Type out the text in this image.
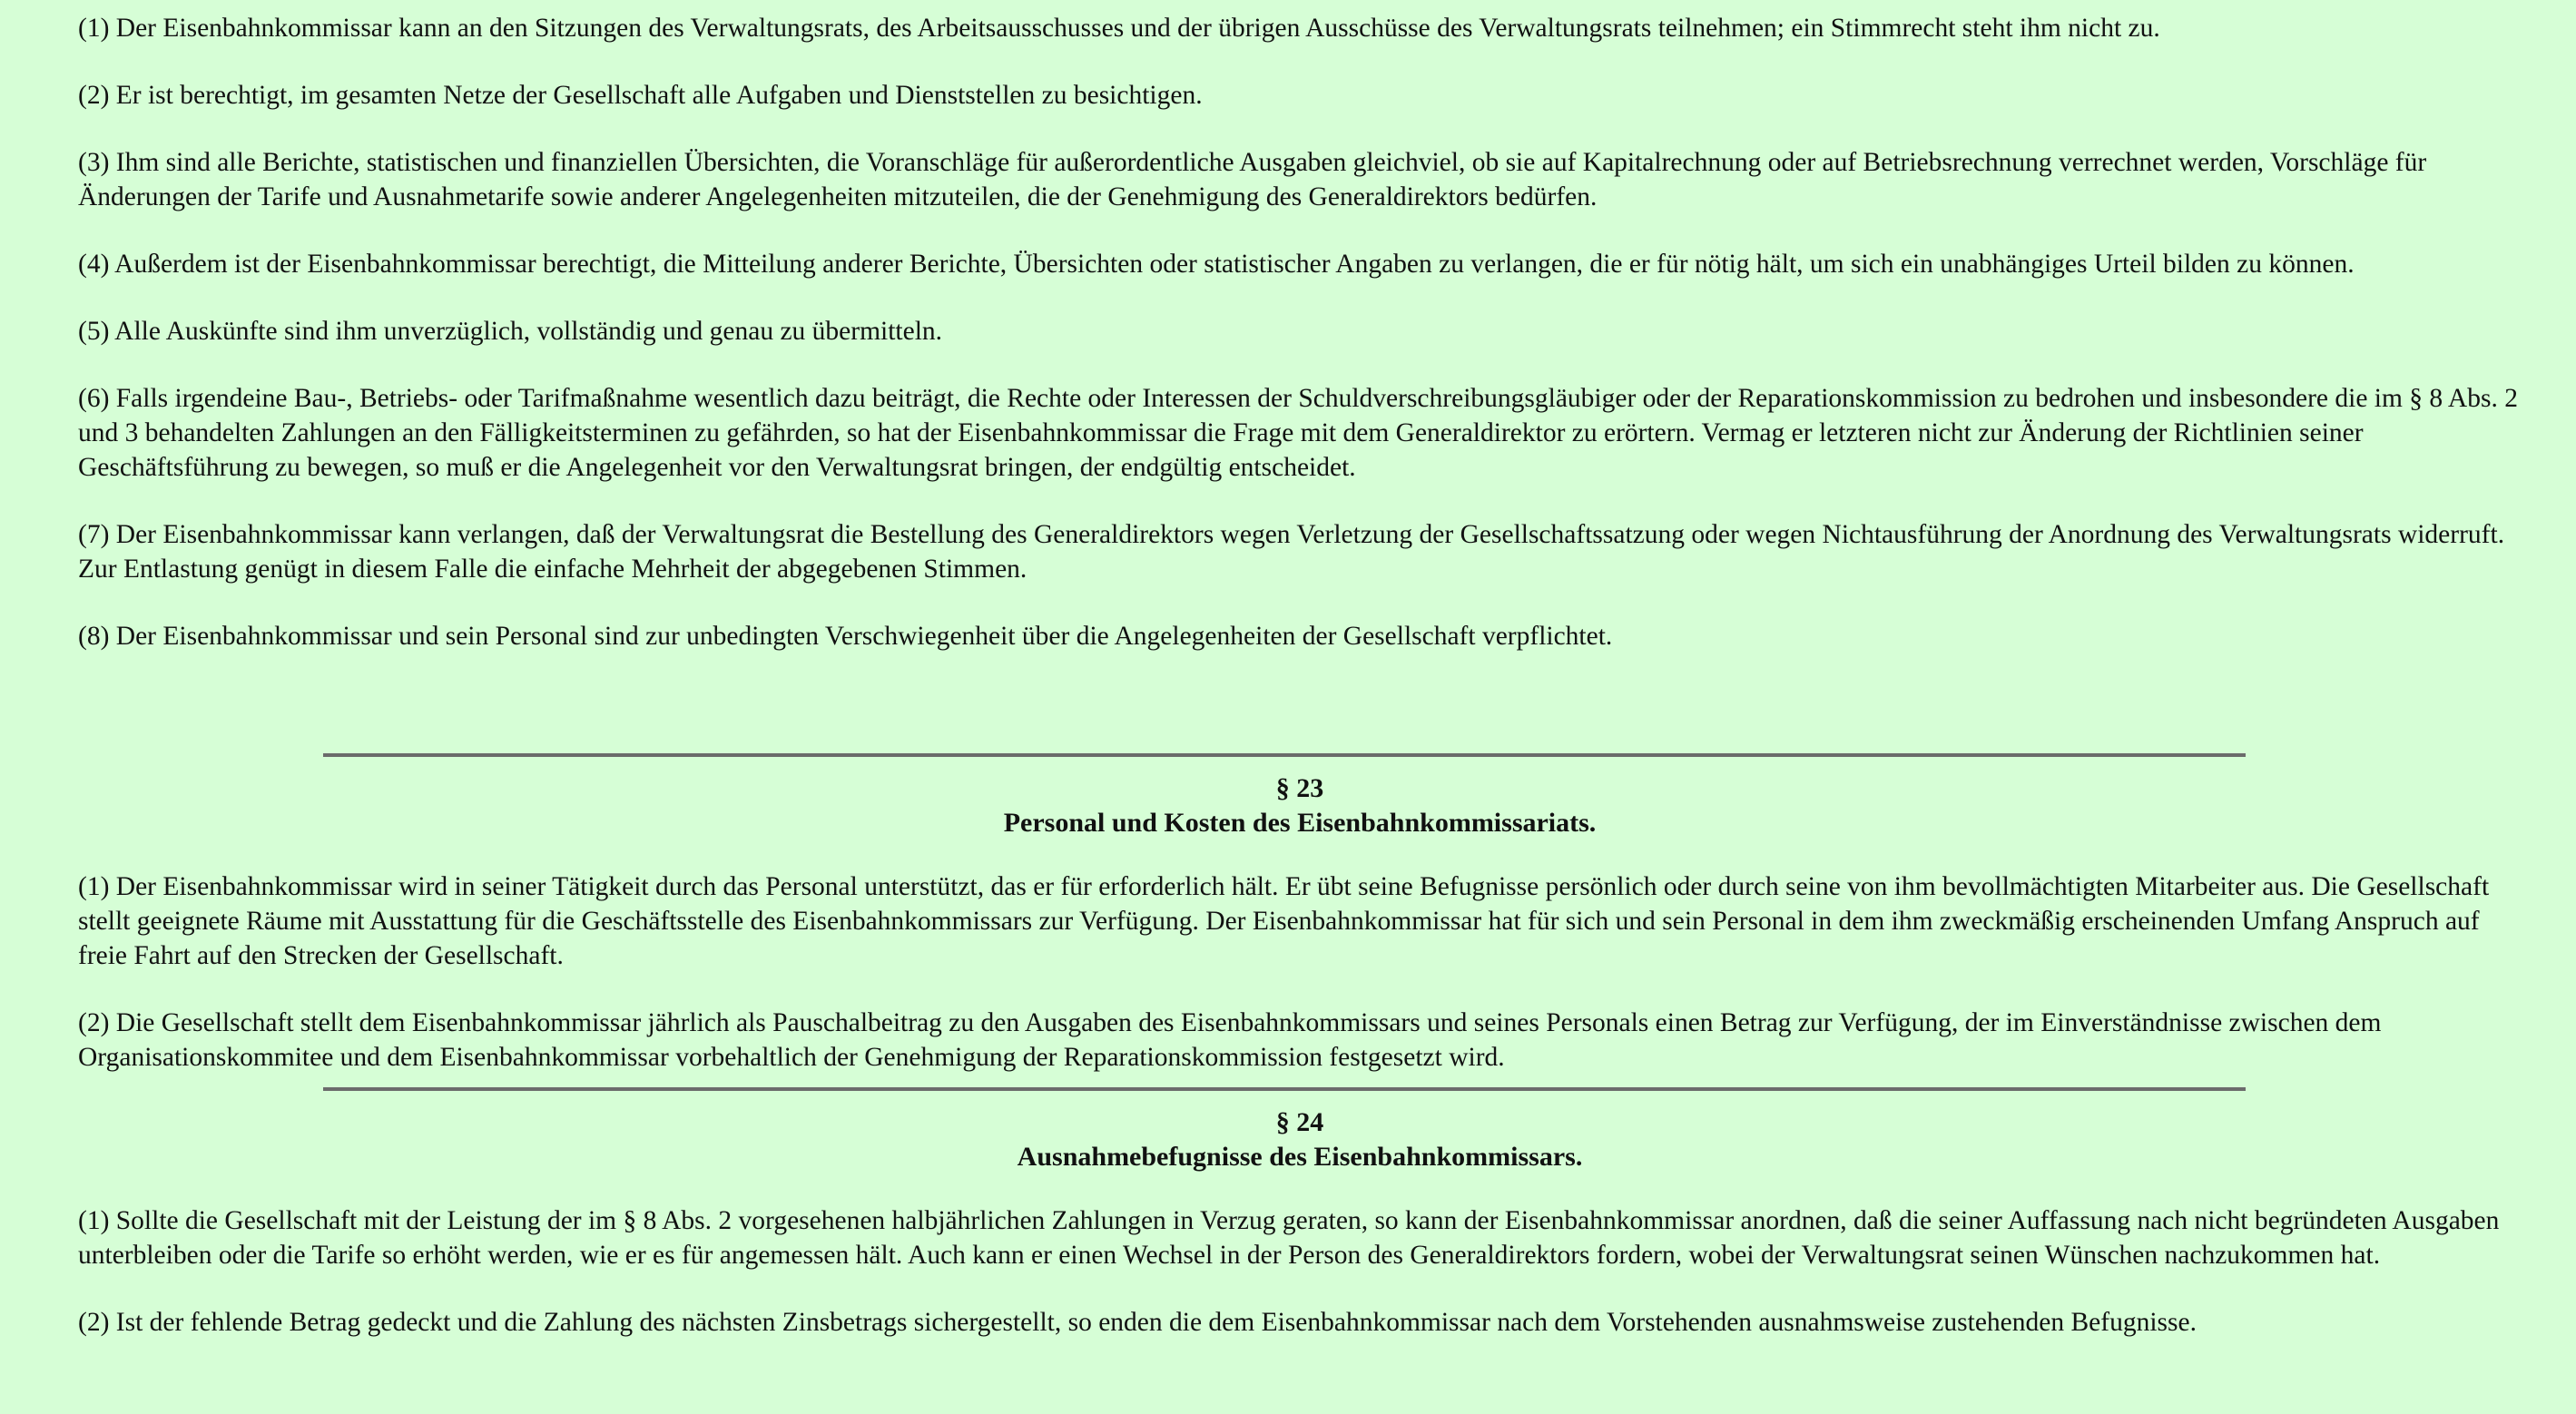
(1) Der Eisenbahnkommissar kann an den Sitzungen des Verwaltungsrats, des Arbeitsausschusses und der übrigen Ausschüsse des Verwaltungsrats teilnehmen; ein Stimmrecht steht ihm nicht zu.

(2) Er ist berechtigt, im gesamten Netze der Gesellschaft alle Aufgaben und Dienststellen zu besichtigen.

(3) Ihm sind alle Berichte, statistischen und finanziellen Übersichten, die Voranschläge für außerordentliche Ausgaben gleichviel, ob sie auf Kapitalrechnung oder auf Betriebsrechnung verrechnet werden, Vorschläge für Änderungen der Tarife und Ausnahmetarife sowie anderer Angelegenheiten mitzuteilen, die der Genehmigung des Generaldirektors bedürfen.

(4) Außerdem ist der Eisenbahnkommissar berechtigt, die Mitteilung anderer Berichte, Übersichten oder statistischer Angaben zu verlangen, die er für nötig hält, um sich ein unabhängiges Urteil bilden zu können.

(5) Alle Auskünfte sind ihm unverzüglich, vollständig und genau zu übermitteln.

(6) Falls irgendeine Bau-, Betriebs- oder Tarifmaßnahme wesentlich dazu beiträgt, die Rechte oder Interessen der Schuldverschreibungsgläubiger oder der Reparationskommission zu bedrohen und insbesondere die im § 8 Abs. 2 und 3 behandelten Zahlungen an den Fälligkeitsterminen zu gefährden, so hat der Eisenbahnkommissar die Frage mit dem Generaldirektor zu erörtern. Vermag er letzteren nicht zur Änderung der Richtlinien seiner Geschäftsführung zu bewegen, so muß er die Angelegenheit vor den Verwaltungsrat bringen, der endgültig entscheidet.

(7) Der Eisenbahnkommissar kann verlangen, daß der Verwaltungsrat die Bestellung des Generaldirektors wegen Verletzung der Gesellschaftssatzung oder wegen Nichtausführung der Anordnung des Verwaltungsrats widerruft. Zur Entlastung genügt in diesem Falle die einfache Mehrheit der abgegebenen Stimmen.

(8) Der Eisenbahnkommissar und sein Personal sind zur unbedingten Verschwiegenheit über die Angelegenheiten der Gesellschaft verpflichtet.

§ 23
Personal und Kosten des Eisenbahnkommissariats.

(1) Der Eisenbahnkommissar wird in seiner Tätigkeit durch das Personal unterstützt, das er für erforderlich hält. Er übt seine Befugnisse persönlich oder durch seine von ihm bevollmächtigten Mitarbeiter aus. Die Gesellschaft stellt geeignete Räume mit Ausstattung für die Geschäftsstelle des Eisenbahnkommissars zur Verfügung. Der Eisenbahnkommissar hat für sich und sein Personal in dem ihm zweckmäßig erscheinenden Umfang Anspruch auf freie Fahrt auf den Strecken der Gesellschaft.

(2) Die Gesellschaft stellt dem Eisenbahnkommissar jährlich als Pauschalbeitrag zu den Ausgaben des Eisenbahnkommissars und seines Personals einen Betrag zur Verfügung, der im Einverständnisse zwischen dem Organisationskommitee und dem Eisenbahnkommissar vorbehaltlich der Genehmigung der Reparationskommission festgesetzt wird.

§ 24
Ausnahmebefugnisse des Eisenbahnkommissars.

(1) Sollte die Gesellschaft mit der Leistung der im § 8 Abs. 2 vorgesehenen halbjährlichen Zahlungen in Verzug geraten, so kann der Eisenbahnkommissar anordnen, daß die seiner Auffassung nach nicht begründeten Ausgaben unterbleiben oder die Tarife so erhöht werden, wie er es für angemessen hält. Auch kann er einen Wechsel in der Person des Generaldirektors fordern, wobei der Verwaltungsrat seinen Wünschen nachzukommen hat.

(2) Ist der fehlende Betrag gedeckt und die Zahlung des nächsten Zinsbetrags sichergestellt, so enden die dem Eisenbahnkommissar nach dem Vorstehenden ausnahmsweise zustehenden Befugnisse.
